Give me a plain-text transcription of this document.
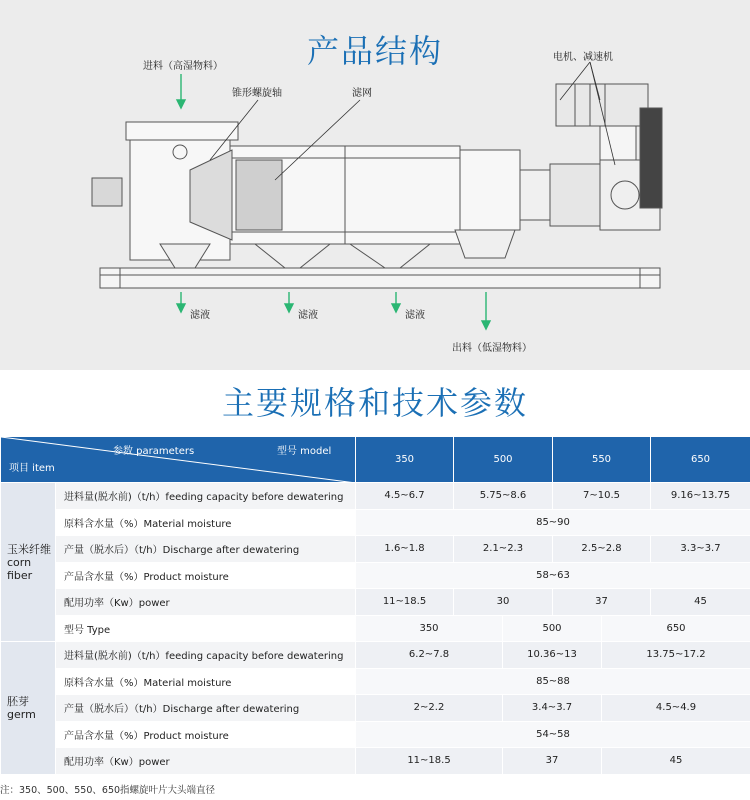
产品结构
进料（高湿物料）
锥形螺旋轴	滤网
电机、减速机
滤液	滤液	滤液
出料（低湿物料）
主要规格和技术参数
参数 parameters 型号 model
项目 item		350	500		550		650

玉米纤维
corn fiber	进料量(脱水前)（t/h）feeding capacity before dewatering	4.5~6.7	5.75~8.6		7~10.5		9.16~13.75
	原料含水量（%）Material moisture	85~90					
	产量（脱水后）（t/h）Discharge after dewatering	1.6~1.8	2.1~2.3		2.5~2.8		3.3~3.7
	产品含水量（%）Product moisture	58~63					
	配用功率（Kw）power	11~18.5	30		37		45
	型号 Type	350		500		650	

胚芽
germ	进料量(脱水前)（t/h）feeding capacity before dewatering	6.2~7.8		10.36~13		13.75~17.2	
	原料含水量（%）Material moisture	85~88					
	产量（脱水后）（t/h）Discharge after dewatering	2~2.2		3.4~3.7		4.5~4.9	
	产品含水量（%）Product moisture	54~58					
	配用功率（Kw）power	11~18.5		37		45	
注：350、500、550、650指螺旋叶片大头端直径
